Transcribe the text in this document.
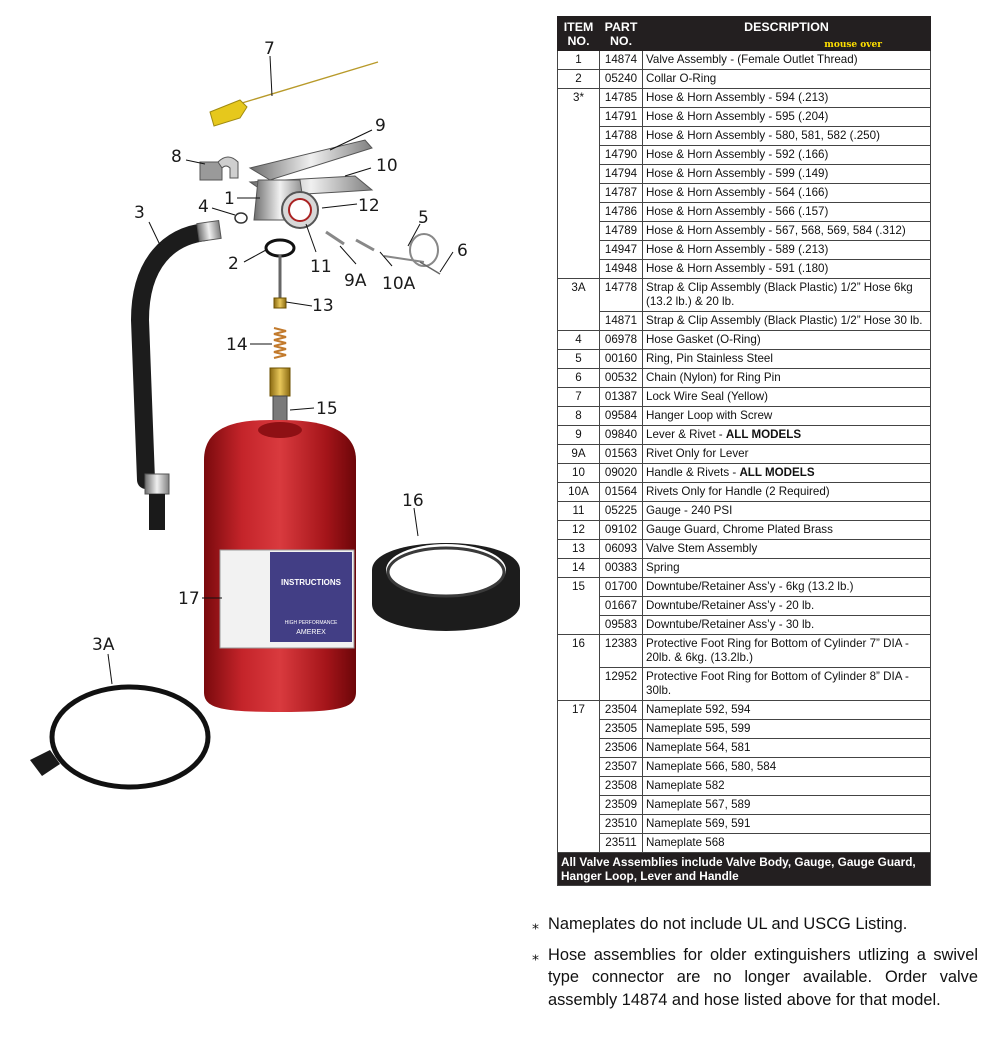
INSTRUCTIONS
AMEREX
HIGH PERFORMANCE
7
9
8	10
1	12
4
3	5
6
2	11
9A 10A
13
14
15
16
17
3A
ITEM
NO.	PART
NO.	DESCRIPTION
mouse over

1	14874	Valve Assembly - (Female Outlet Thread)
2	05240	Collar O-Ring
3*	14785	Hose & Horn Assembly - 594 (.213)
	14791	Hose & Horn Assembly - 595 (.204)
	14788	Hose & Horn Assembly - 580, 581, 582 (.250)
	14790	Hose & Horn Assembly - 592 (.166)
	14794	Hose & Horn Assembly - 599 (.149)
	14787	Hose & Horn Assembly - 564 (.166)
	14786	Hose & Horn Assembly - 566 (.157)
	14789	Hose & Horn Assembly - 567, 568, 569, 584 (.312)
	14947	Hose & Horn Assembly - 589 (.213)
	14948	Hose & Horn Assembly - 591 (.180)
3A	14778	Strap & Clip Assembly (Black Plastic) 1/2” Hose 6kg (13.2 lb.) & 20 lb.
	14871	Strap & Clip Assembly (Black Plastic) 1/2” Hose 30 lb.
4	06978	Hose Gasket (O-Ring)
5	00160	Ring, Pin Stainless Steel
6	00532	Chain (Nylon) for Ring Pin
7	01387	Lock Wire Seal (Yellow)
8	09584	Hanger Loop with Screw
9	09840	Lever & Rivet - ALL MODELS
9A	01563	Rivet Only for Lever
10	09020	Handle & Rivets - ALL MODELS
10A	01564	Rivets Only for Handle (2 Required)
11	05225	Gauge - 240 PSI
12	09102	Gauge Guard, Chrome Plated Brass
13	06093	Valve Stem Assembly
14	00383	Spring
15	01700	Downtube/Retainer Ass’y - 6kg (13.2 lb.)
	01667	Downtube/Retainer Ass’y - 20 lb.
	09583	Downtube/Retainer Ass’y - 30 lb.
16	12383	Protective Foot Ring for Bottom of Cylinder 7” DIA - 20lb. & 6kg. (13.2lb.)
	12952	Protective Foot Ring for Bottom of Cylinder 8” DIA - 30lb.
17	23504	Nameplate 592, 594
	23505	Nameplate 595, 599
	23506	Nameplate 564, 581
	23507	Nameplate 566, 580, 584
	23508	Nameplate 582
	23509	Nameplate 567, 589
	23510	Nameplate 569, 591
	23511	Nameplate 568
All Valve Assemblies include Valve Body, Gauge, Gauge Guard, Hanger Loop, Lever and Handle		
⁎ Nameplates do not include UL and USCG Listing.
⁎ Hose assemblies for older extinguishers utlizing a swivel type connector are no longer available. Order valve assembly 14874 and hose listed above for that model.
